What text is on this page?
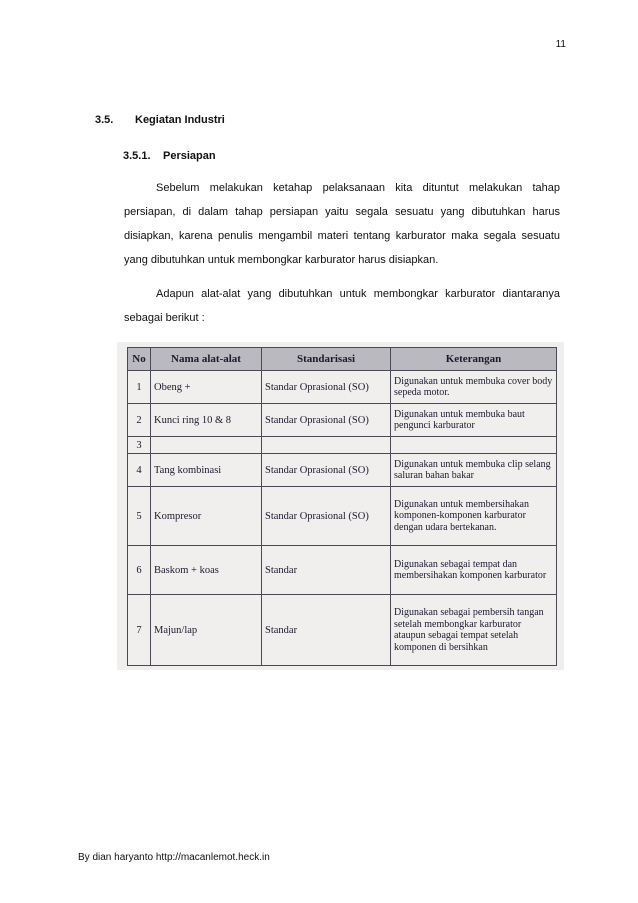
11
3.5. Kegiatan Industri
3.5.1. Persiapan

Sebelum melakukan ketahap pelaksanaan kita dituntut melakukan tahap persiapan, di dalam tahap persiapan yaitu segala sesuatu yang dibutuhkan harus disiapkan, karena penulis mengambil materi tentang karburator maka segala sesuatu yang dibutuhkan untuk membongkar karburator harus disiapkan.

Adapun alat-alat yang dibutuhkan untuk membongkar karburator diantaranya sebagai berikut :

No	Nama alat-alat	Standarisasi	Keterangan
1	Obeng +	Standar Oprasional (SO)	Digunakan untuk membuka cover body sepeda motor.
2	Kunci ring 10 & 8	Standar Oprasional (SO)	Digunakan untuk membuka baut pengunci karburator
3			
4	Tang kombinasi	Standar Oprasional (SO)	Digunakan untuk membuka clip selang saluran bahan bakar
5	Kompresor	Standar Oprasional (SO)	Digunakan untuk membersihakan komponen-komponen karburator dengan udara bertekanan.
6	Baskom + koas	Standar	Digunakan sebagai tempat dan membersihakan komponen karburator
7	Majun/lap	Standar	Digunakan sebagai pembersih tangan setelah membongkar karburator ataupun sebagai tempat setelah komponen di bersihkan
By dian haryanto http://macanlemot.heck.in
